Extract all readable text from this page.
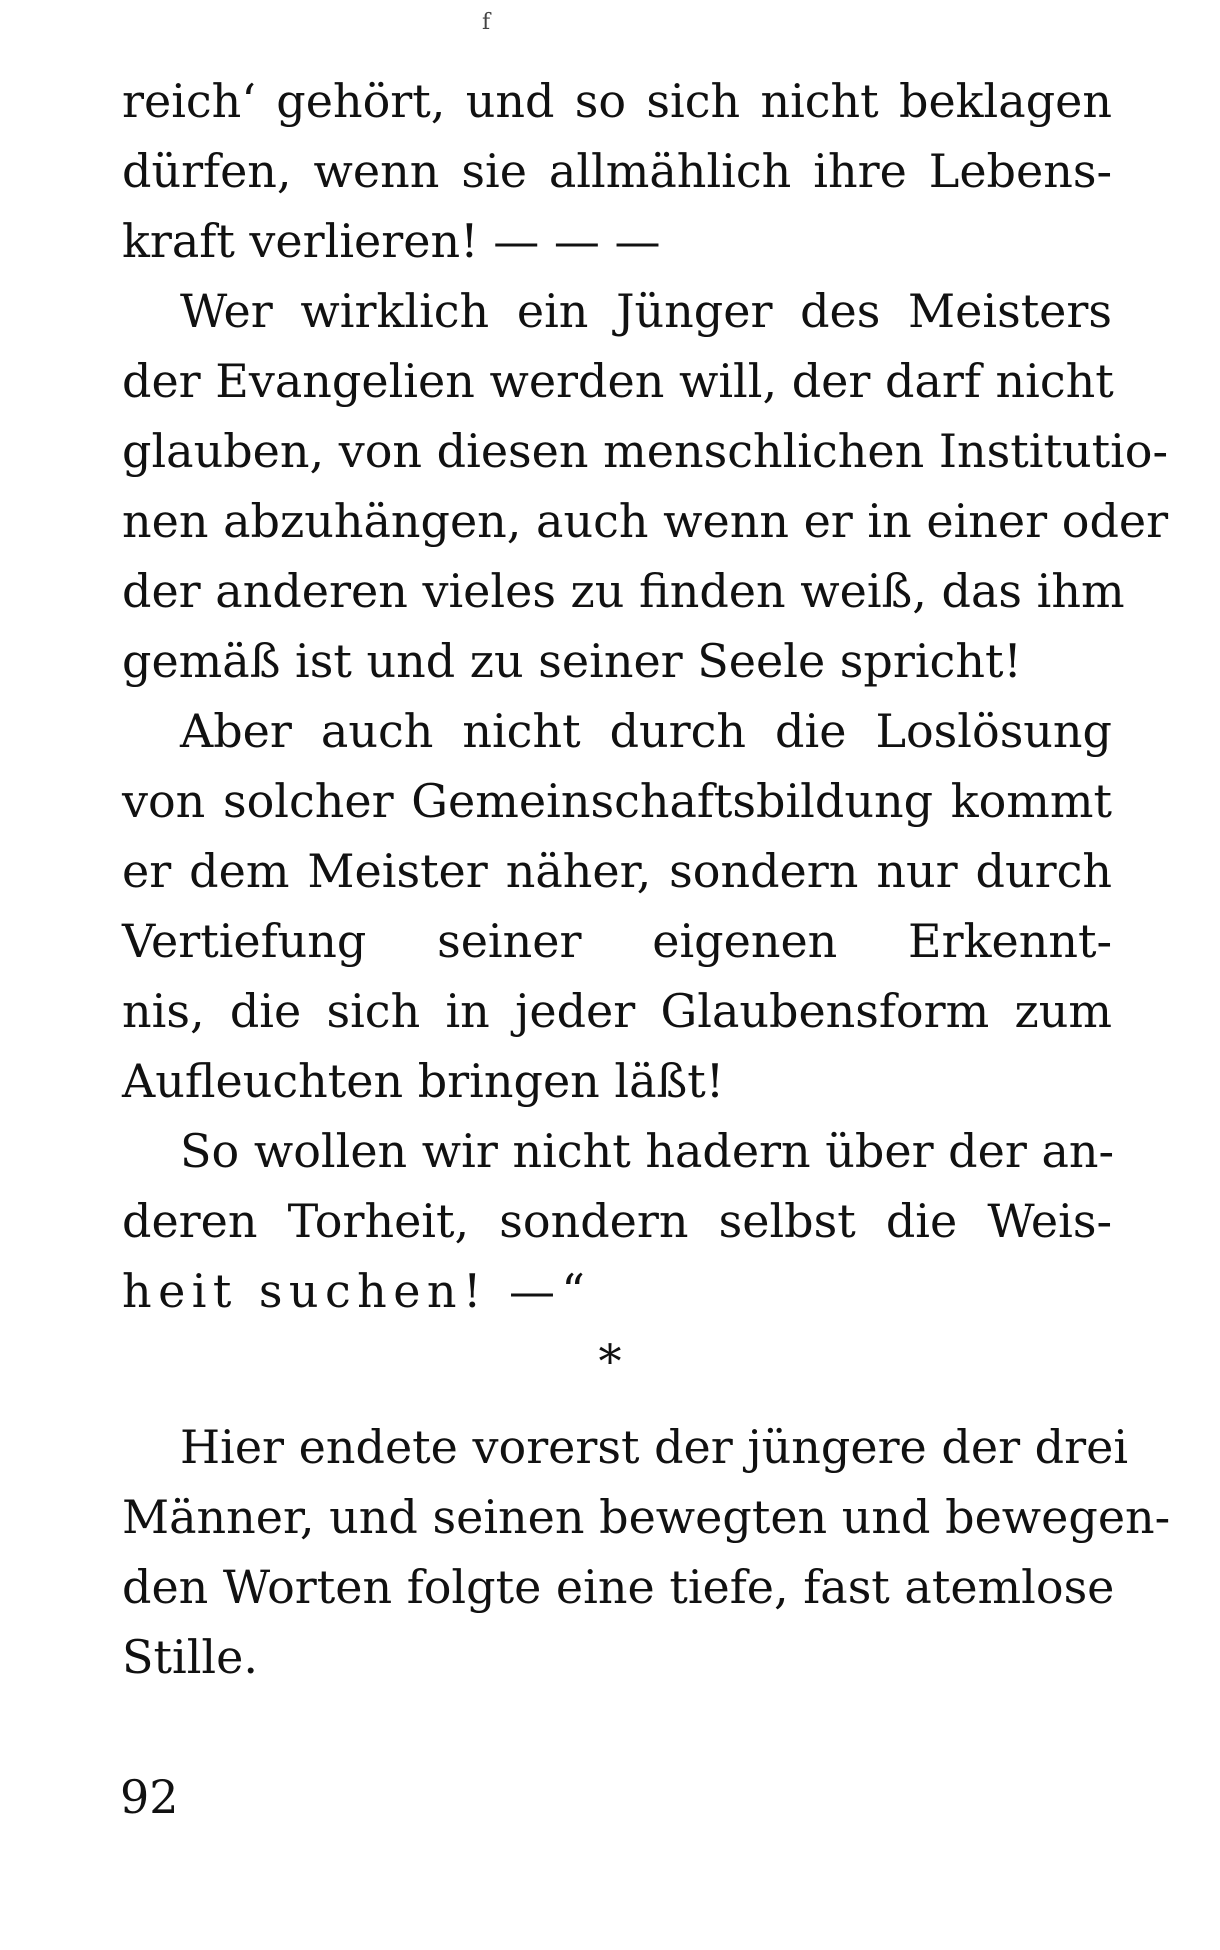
f
reich‘ gehört, und so sich nicht beklagen
dürfen, wenn sie allmählich ihre Lebens-
kraft verlieren! — — —
Wer wirklich ein Jünger des Meisters
der Evangelien werden will, der darf nicht
glauben, von diesen menschlichen Institutio-
nen abzuhängen, auch wenn er in einer oder
der anderen vieles zu finden weiß, das ihm
gemäß ist und zu seiner Seele spricht!
Aber auch nicht durch die Loslösung
von solcher Gemeinschaftsbildung kommt
er dem Meister näher, sondern nur durch
Vertiefung seiner eigenen Erkennt-
nis, die sich in jeder Glaubensform zum
Aufleuchten bringen läßt!
So wollen wir nicht hadern über der an-
deren Torheit, sondern selbst die Weis-
heit suchen! —“
*
Hier endete vorerst der jüngere der drei
Männer, und seinen bewegten und bewegen-
den Worten folgte eine tiefe, fast atemlose
Stille.
92
